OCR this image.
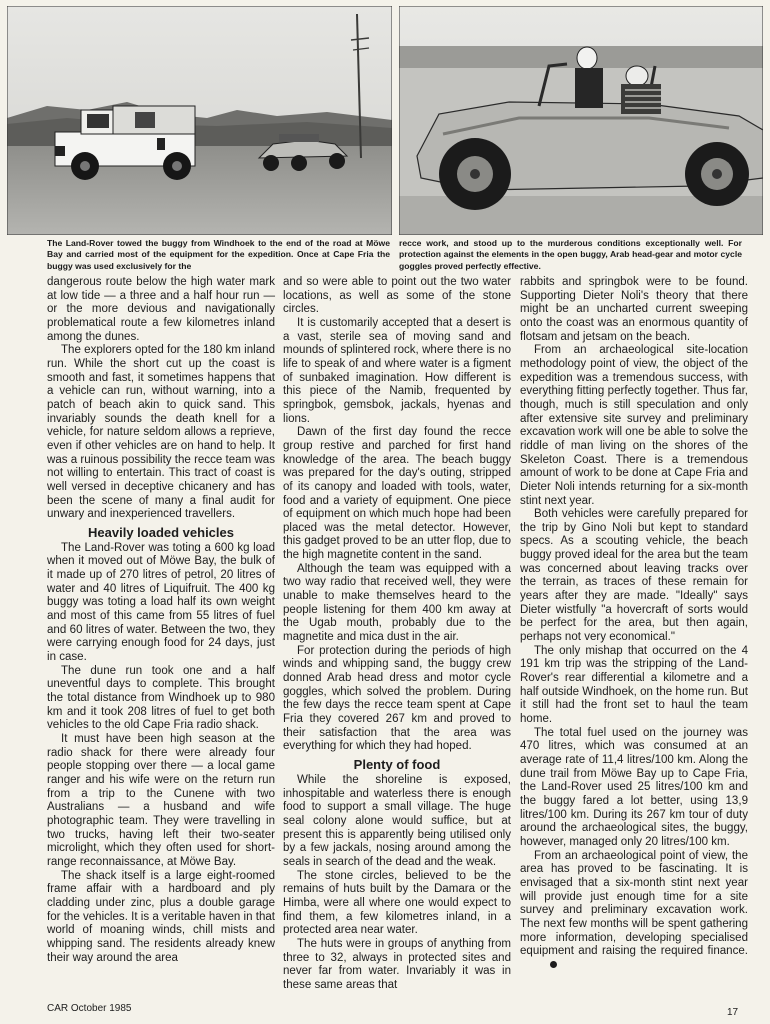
The Land-Rover towed the buggy from Windhoek to the end of the road at Möwe Bay and carried most of the equipment for the expedition. Once at Cape Fria the buggy was used exclusively for the
recce work, and stood up to the murderous conditions exceptionally well. For protection against the elements in the open buggy, Arab head-gear and motor cycle goggles proved perfectly effective.

dangerous route below the high water mark at low tide — a three and a half hour run — or the more devious and navigationally problematical route a few kilometres inland among the dunes.

The explorers opted for the 180 km inland run. While the short cut up the coast is smooth and fast, it sometimes happens that a vehicle can run, without warning, into a patch of beach akin to quick sand. This invariably sounds the death knell for a vehicle, for nature seldom allows a reprieve, even if other vehicles are on hand to help. It was a ruinous possibility the recce team was not willing to entertain. This tract of coast is well versed in deceptive chicanery and has been the scene of many a final audit for unwary and inexperienced travellers.

Heavily loaded vehicles

The Land-Rover was toting a 600 kg load when it moved out of Möwe Bay, the bulk of it made up of 270 litres of petrol, 20 litres of water and 40 litres of Liquifruit. The 400 kg buggy was toting a load half its own weight and most of this came from 55 litres of fuel and 60 litres of water. Between the two, they were carrying enough food for 24 days, just in case.

The dune run took one and a half uneventful days to complete. This brought the total distance from Windhoek up to 980 km and it took 208 litres of fuel to get both vehicles to the old Cape Fria radio shack.

It must have been high season at the radio shack for there were already four people stopping over there — a local game ranger and his wife were on the return run from a trip to the Cunene with two Australians — a husband and wife photographic team. They were travelling in two trucks, having left their two-seater microlight, which they often used for short-range reconnaissance, at Möwe Bay.

The shack itself is a large eight-roomed frame affair with a hardboard and ply cladding under zinc, plus a double garage for the vehicles. It is a veritable haven in that world of moaning winds, chill mists and whipping sand. The residents already knew their way around the area

and so were able to point out the two water locations, as well as some of the stone circles.

It is customarily accepted that a desert is a vast, sterile sea of moving sand and mounds of splintered rock, where there is no life to speak of and where water is a figment of sunbaked imagination. How different is this piece of the Namib, frequented by springbok, gemsbok, jackals, hyenas and lions.

Dawn of the first day found the recce group restive and parched for first hand knowledge of the area. The beach buggy was prepared for the day's outing, stripped of its canopy and loaded with tools, water, food and a variety of equipment. One piece of equipment on which much hope had been placed was the metal detector. However, this gadget proved to be an utter flop, due to the high magnetite content in the sand.

Although the team was equipped with a two way radio that received well, they were unable to make themselves heard to the people listening for them 400 km away at the Ugab mouth, probably due to the magnetite and mica dust in the air.

For protection during the periods of high winds and whipping sand, the buggy crew donned Arab head dress and motor cycle goggles, which solved the problem. During the few days the recce team spent at Cape Fria they covered 267 km and proved to their satisfaction that the area was everything for which they had hoped.

Plenty of food

While the shoreline is exposed, inhospitable and waterless there is enough food to support a small village. The huge seal colony alone would suffice, but at present this is apparently being utilised only by a few jackals, nosing around among the seals in search of the dead and the weak.

The stone circles, believed to be the remains of huts built by the Damara or the Himba, were all where one would expect to find them, a few kilometres inland, in a protected area near water.

The huts were in groups of anything from three to 32, always in protected sites and never far from water. Invariably it was in these same areas that

rabbits and springbok were to be found. Supporting Dieter Noli's theory that there might be an uncharted current sweeping onto the coast was an enormous quantity of flotsam and jetsam on the beach.

From an archaeological site-location methodology point of view, the object of the expedition was a tremendous success, with everything fitting perfectly together. Thus far, though, much is still speculation and only after extensive site survey and preliminary excavation work will one be able to solve the riddle of man living on the shores of the Skeleton Coast. There is a tremendous amount of work to be done at Cape Fria and Dieter Noli intends returning for a six-month stint next year.

Both vehicles were carefully prepared for the trip by Gino Noli but kept to standard specs. As a scouting vehicle, the beach buggy proved ideal for the area but the team was concerned about leaving tracks over the terrain, as traces of these remain for years after they are made. "Ideally" says Dieter wistfully "a hovercraft of sorts would be perfect for the area, but then again, perhaps not very economical."

The only mishap that occurred on the 4 191 km trip was the stripping of the Land-Rover's rear differential a kilometre and a half outside Windhoek, on the home run. But it still had the front set to haul the team home.

The total fuel used on the journey was 470 litres, which was consumed at an average rate of 11,4 litres/100 km. Along the dune trail from Möwe Bay up to Cape Fria, the Land-Rover used 25 litres/100 km and the buggy fared a lot better, using 13,9 litres/100 km. During its 267 km tour of duty around the archaeological sites, the buggy, however, managed only 20 litres/100 km.

From an archaeological point of view, the area has proved to be fascinating. It is envisaged that a six-month stint next year will provide just enough time for a site survey and preliminary excavation work. The next few months will be spent gathering more information, developing specialised equipment and raising the required finance.

CAR October 1985	17
